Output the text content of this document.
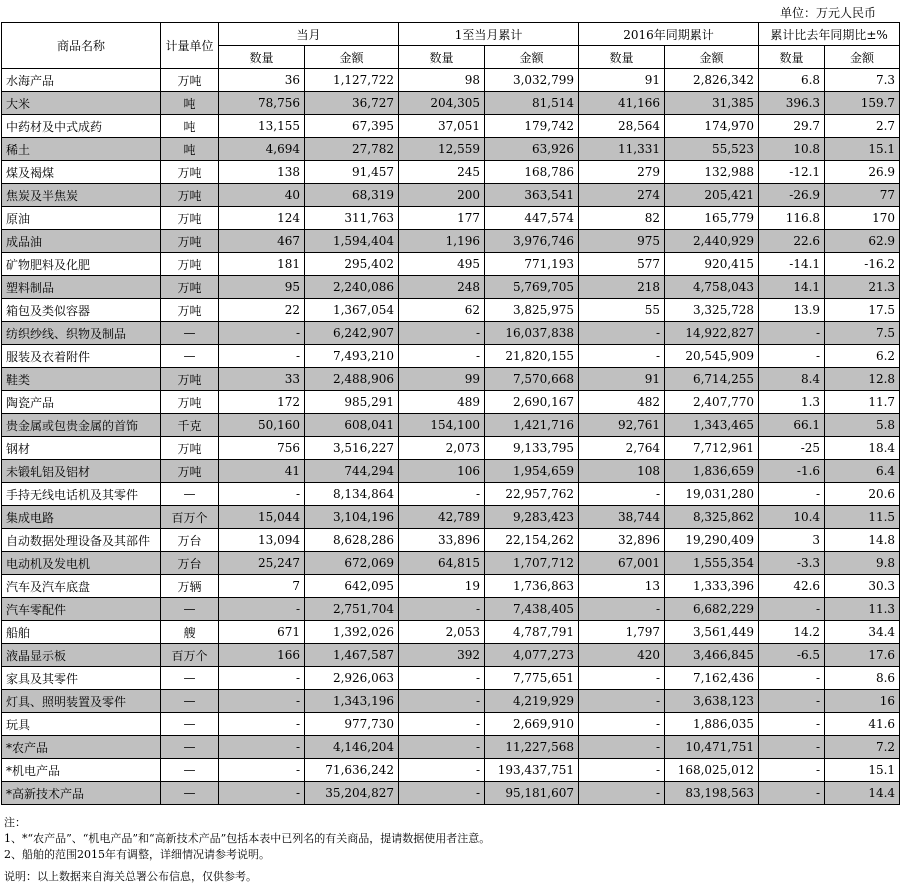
单位：万元人民币
商品名称	计量单位	当月		1至当月累计		2016年同期累计		累计比去年同期比±%	
		数量	金额	数量	金额	数量	金额	数量	金额
水海产品	万吨	36	1,127,722	98	3,032,799	91	2,826,342	6.8	7.3
大米	吨	78,756	36,727	204,305	81,514	41,166	31,385	396.3	159.7
中药材及中式成药	吨	13,155	67,395	37,051	179,742	28,564	174,970	29.7	2.7
稀土	吨	4,694	27,782	12,559	63,926	11,331	55,523	10.8	15.1
煤及褐煤	万吨	138	91,457	245	168,786	279	132,988	-12.1	26.9
焦炭及半焦炭	万吨	40	68,319	200	363,541	274	205,421	-26.9	77
原油	万吨	124	311,763	177	447,574	82	165,779	116.8	170
成品油	万吨	467	1,594,404	1,196	3,976,746	975	2,440,929	22.6	62.9
矿物肥料及化肥	万吨	181	295,402	495	771,193	577	920,415	-14.1	-16.2
塑料制品	万吨	95	2,240,086	248	5,769,705	218	4,758,043	14.1	21.3
箱包及类似容器	万吨	22	1,367,054	62	3,825,975	55	3,325,728	13.9	17.5
纺织纱线、织物及制品	—	-	6,242,907	-	16,037,838	-	14,922,827	-	7.5
服装及衣着附件	—	-	7,493,210	-	21,820,155	-	20,545,909	-	6.2
鞋类	万吨	33	2,488,906	99	7,570,668	91	6,714,255	8.4	12.8
陶瓷产品	万吨	172	985,291	489	2,690,167	482	2,407,770	1.3	11.7
贵金属或包贵金属的首饰	千克	50,160	608,041	154,100	1,421,716	92,761	1,343,465	66.1	5.8
钢材	万吨	756	3,516,227	2,073	9,133,795	2,764	7,712,961	-25	18.4
未锻轧铝及铝材	万吨	41	744,294	106	1,954,659	108	1,836,659	-1.6	6.4
手持无线电话机及其零件	—	-	8,134,864	-	22,957,762	-	19,031,280	-	20.6
集成电路	百万个	15,044	3,104,196	42,789	9,283,423	38,744	8,325,862	10.4	11.5
自动数据处理设备及其部件	万台	13,094	8,628,286	33,896	22,154,262	32,896	19,290,409	3	14.8
电动机及发电机	万台	25,247	672,069	64,815	1,707,712	67,001	1,555,354	-3.3	9.8
汽车及汽车底盘	万辆	7	642,095	19	1,736,863	13	1,333,396	42.6	30.3
汽车零配件	—	-	2,751,704	-	7,438,405	-	6,682,229	-	11.3
船舶	艘	671	1,392,026	2,053	4,787,791	1,797	3,561,449	14.2	34.4
液晶显示板	百万个	166	1,467,587	392	4,077,273	420	3,466,845	-6.5	17.6
家具及其零件	—	-	2,926,063	-	7,775,651	-	7,162,436	-	8.6
灯具、照明装置及零件	—	-	1,343,196	-	4,219,929	-	3,638,123	-	16
玩具	—	-	977,730	-	2,669,910	-	1,886,035	-	41.6
*农产品	—	-	4,146,204	-	11,227,568	-	10,471,751	-	7.2
*机电产品	—	-	71,636,242	-	193,437,751	-	168,025,012	-	15.1
*高新技术产品	—	-	35,204,827	-	95,181,607	-	83,198,563	-	14.4
注：
1、*“农产品”、“机电产品”和“高新技术产品”包括本表中已列名的有关商品，提请数据使用者注意。
2、船舶的范围2015年有调整，详细情况请参考说明。
说明：以上数据来自海关总署公布信息，仅供参考。
